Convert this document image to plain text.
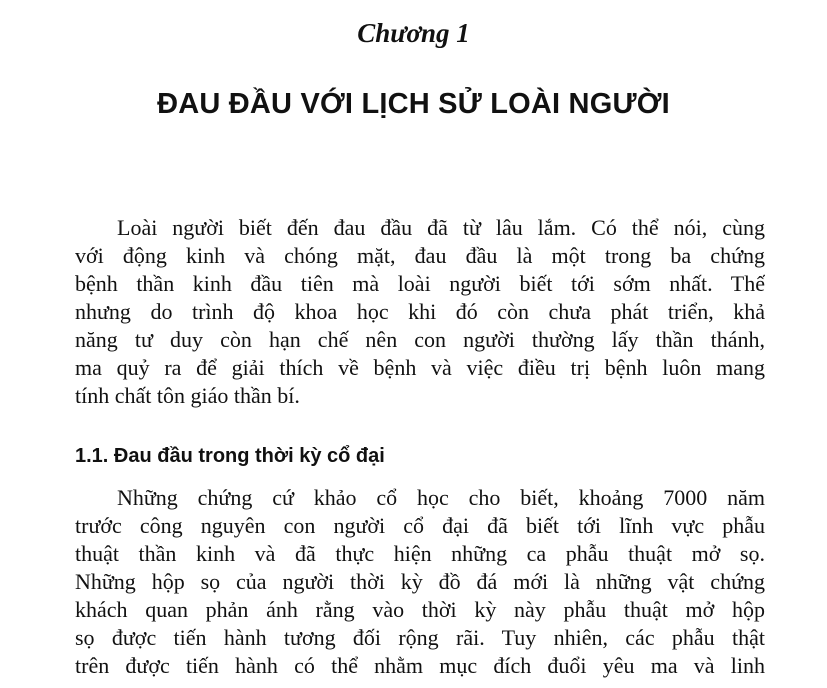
Chương 1
ĐAU ĐẦU VỚI LỊCH SỬ LOÀI NGƯỜI
Loài người biết đến đau đầu đã từ lâu lắm. Có thể nói, cùng
với động kinh và chóng mặt, đau đầu là một trong ba chứng
bệnh thần kinh đầu tiên mà loài người biết tới sớm nhất. Thế
nhưng do trình độ khoa học khi đó còn chưa phát triển, khả
năng tư duy còn hạn chế nên con người thường lấy thần thánh,
ma quỷ ra để giải thích về bệnh và việc điều trị bệnh luôn mang
tính chất tôn giáo thần bí.
1.1. Đau đầu trong thời kỳ cổ đại
Những chứng cứ khảo cổ học cho biết, khoảng 7000 năm
trước công nguyên con người cổ đại đã biết tới lĩnh vực phẫu
thuật thần kinh và đã thực hiện những ca phẫu thuật mở sọ.
Những hộp sọ của người thời kỳ đồ đá mới là những vật chứng
khách quan phản ánh rằng vào thời kỳ này phẫu thuật mở hộp
sọ được tiến hành tương đối rộng rãi. Tuy nhiên, các phẫu thật
trên được tiến hành có thể nhằm mục đích đuổi yêu ma và linh
